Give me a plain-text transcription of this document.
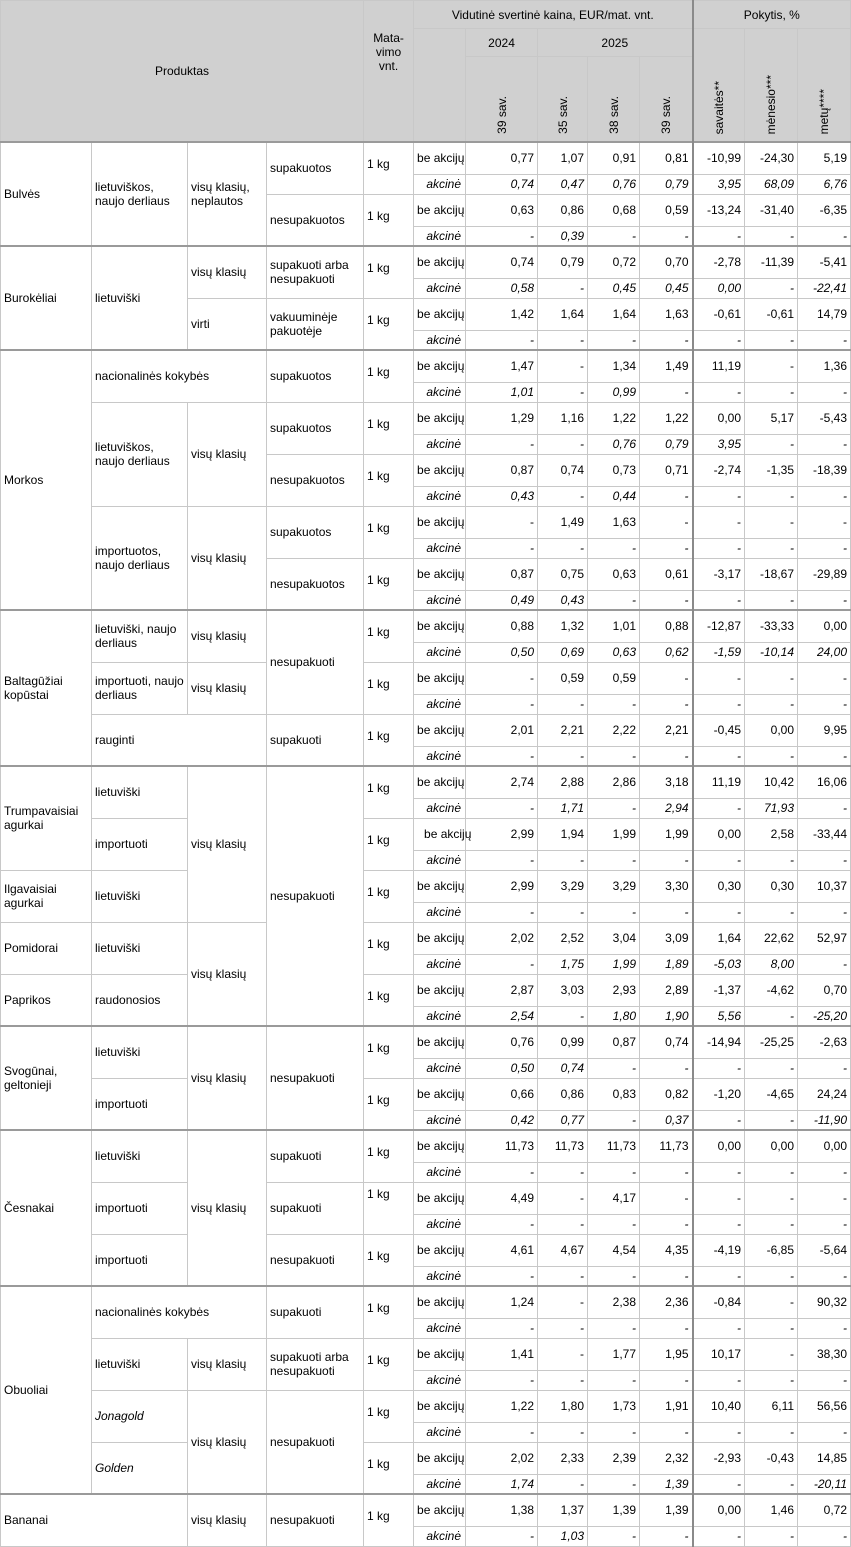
Produktas				Mata-vimo vnt.	Vidutinė svertinė kaina, EUR/mat. vnt.					Pokytis, %		
						2024	2025			savaitės**	mėnesio***	metų****
						39 sav.	35 sav.	38 sav.	39 sav.			
Bulvės	lietuviškos, naujo derliaus	visų klasių, neplautos	supakuotos	1 kg	be akcijų	0,77	1,07	0,91	0,81	-10,99	-24,30	5,19
					akcinė	0,74	0,47	0,76	0,79	3,95	68,09	6,76
			nesupakuotos	1 kg	be akcijų	0,63	0,86	0,68	0,59	-13,24	-31,40	-6,35
					akcinė	-	0,39	-	-	-	-	-
Burokėliai	lietuviški	visų klasių	supakuoti arba nesupakuoti	1 kg	be akcijų	0,74	0,79	0,72	0,70	-2,78	-11,39	-5,41
					akcinė	0,58	-	0,45	0,45	0,00	-	-22,41
		virti	vakuuminėje pakuotėje	1 kg	be akcijų	1,42	1,64	1,64	1,63	-0,61	-0,61	14,79
					akcinė	-	-	-	-	-	-	-
Morkos	nacionalinės kokybės		supakuotos	1 kg	be akcijų	1,47	-	1,34	1,49	11,19	-	1,36
					akcinė	1,01	-	0,99	-	-	-	-
	lietuviškos, naujo derliaus	visų klasių	supakuotos	1 kg	be akcijų	1,29	1,16	1,22	1,22	0,00	5,17	-5,43
					akcinė	-	-	0,76	0,79	3,95	-	-
			nesupakuotos	1 kg	be akcijų	0,87	0,74	0,73	0,71	-2,74	-1,35	-18,39
					akcinė	0,43	-	0,44	-	-	-	-
	importuotos, naujo derliaus	visų klasių	supakuotos	1 kg	be akcijų	-	1,49	1,63	-	-	-	-
					akcinė	-	-	-	-	-	-	-
			nesupakuotos	1 kg	be akcijų	0,87	0,75	0,63	0,61	-3,17	-18,67	-29,89
					akcinė	0,49	0,43	-	-	-	-	-
Baltagūžiai kopūstai	lietuviški, naujo derliaus	visų klasių	nesupakuoti	1 kg	be akcijų	0,88	1,32	1,01	0,88	-12,87	-33,33	0,00
					akcinė	0,50	0,69	0,63	0,62	-1,59	-10,14	24,00
	importuoti, naujo derliaus	visų klasių		1 kg	be akcijų	-	0,59	0,59	-	-	-	-
					akcinė	-	-	-	-	-	-	-
	rauginti		supakuoti	1 kg	be akcijų	2,01	2,21	2,22	2,21	-0,45	0,00	9,95
					akcinė	-	-	-	-	-	-	-
Trumpavaisiai agurkai	lietuviški	visų klasių	nesupakuoti	1 kg	be akcijų	2,74	2,88	2,86	3,18	11,19	10,42	16,06
					akcinė	-	1,71	-	2,94	-	71,93	-
	importuoti			1 kg	be akcijų	2,99	1,94	1,99	1,99	0,00	2,58	-33,44
					akcinė	-	-	-	-	-	-	-
Ilgavaisiai agurkai	lietuviški			1 kg	be akcijų	2,99	3,29	3,29	3,30	0,30	0,30	10,37
					akcinė	-	-	-	-	-	-	-
Pomidorai	lietuviški	visų klasių		1 kg	be akcijų	2,02	2,52	3,04	3,09	1,64	22,62	52,97
					akcinė	-	1,75	1,99	1,89	-5,03	8,00	-
Paprikos	raudonosios			1 kg	be akcijų	2,87	3,03	2,93	2,89	-1,37	-4,62	0,70
					akcinė	2,54	-	1,80	1,90	5,56	-	-25,20
Svogūnai, geltonieji	lietuviški	visų klasių	nesupakuoti	1 kg	be akcijų	0,76	0,99	0,87	0,74	-14,94	-25,25	-2,63
					akcinė	0,50	0,74	-	-	-	-	-
	importuoti			1 kg	be akcijų	0,66	0,86	0,83	0,82	-1,20	-4,65	24,24
					akcinė	0,42	0,77	-	0,37	-	-	-11,90
Česnakai	lietuviški	visų klasių	supakuoti	1 kg	be akcijų	11,73	11,73	11,73	11,73	0,00	0,00	0,00
					akcinė	-	-	-	-	-	-	-
	importuoti		supakuoti	1 kg	be akcijų	4,49	-	4,17	-	-	-	-
					akcinė	-	-	-	-	-	-	-
	importuoti		nesupakuoti	1 kg	be akcijų	4,61	4,67	4,54	4,35	-4,19	-6,85	-5,64
					akcinė	-	-	-	-	-	-	-
Obuoliai	nacionalinės kokybės		supakuoti	1 kg	be akcijų	1,24	-	2,38	2,36	-0,84	-	90,32
					akcinė	-	-	-	-	-	-	-
	lietuviški	visų klasių	supakuoti arba nesupakuoti	1 kg	be akcijų	1,41	-	1,77	1,95	10,17	-	38,30
					akcinė	-	-	-	-	-	-	-
	Jonagold	visų klasių	nesupakuoti	1 kg	be akcijų	1,22	1,80	1,73	1,91	10,40	6,11	56,56
					akcinė	-	-	-	-	-	-	-
	Golden			1 kg	be akcijų	2,02	2,33	2,39	2,32	-2,93	-0,43	14,85
					akcinė	1,74	-	-	1,39	-	-	-20,11
Bananai		visų klasių	nesupakuoti	1 kg	be akcijų	1,38	1,37	1,39	1,39	0,00	1,46	0,72
					akcinė	-	1,03	-	-	-	-	-
